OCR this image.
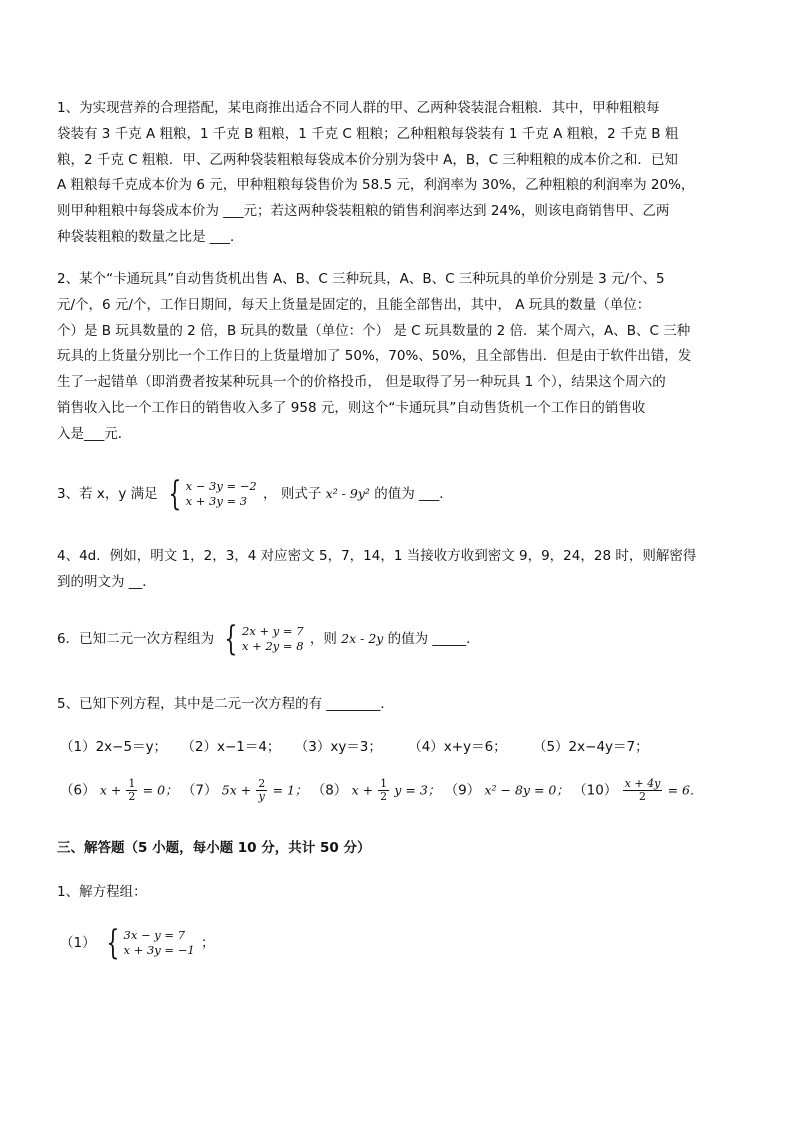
1、为实现营养的合理搭配，某电商推出适合不同人群的甲、乙两种袋装混合粗粮．其中，甲种粗粮每
袋装有 3 千克 A 粗粮，1 千克 B 粗粮，1 千克 C 粗粮；乙种粗粮每袋装有 1 千克 A 粗粮，2 千克 B 粗
粮，2 千克 C 粗粮．甲、乙两种袋装粗粮每袋成本价分别为袋中 A，B，C 三种粗粮的成本价之和．已知
A 粗粮每千克成本价为 6 元，甲种粗粮每袋售价为 58.5 元，利润率为 30%，乙种粗粮的利润率为 20%，
则甲种粗粮中每袋成本价为 ___元；若这两种袋装粗粮的销售利润率达到 24%，则该电商销售甲、乙两
种袋装粗粮的数量之比是 ___．
2、某个“卡通玩具”自动售货机出售 A、B、C 三种玩具，A、B、C 三种玩具的单价分别是 3 元/个、5
元/个，6 元/个，工作日期间，每天上货量是固定的，且能全部售出，其中， A 玩具的数量（单位：
个）是 B 玩具数量的 2 倍，B 玩具的数量（单位：个） 是 C 玩具数量的 2 倍．某个周六，A、B、C 三种
玩具的上货量分别比一个工作日的上货量增加了 50%，70%、50%，且全部售出．但是由于软件出错，发
生了一起错单（即消费者按某种玩具一个的价格投币， 但是取得了另一种玩具 1 个），结果这个周六的
销售收入比一个工作日的销售收入多了 958 元，则这个“卡通玩具”自动售货机一个工作日的销售收
入是___元．
3、若 x，y 满足 { x − 3y = −2
x + 3y = 3	， 则式子 x² - 9y² 的值为 ___．
4、4d．例如，明文 1，2，3，4 对应密文 5，7，14，1 当接收方收到密文 9，9，24，28 时，则解密得
到的明文为 __．
6．已知二元一次方程组为 { 2x + y = 7
x + 2y = 8 ，则 2x - 2y 的值为 _____．
5、已知下列方程，其中是二元一次方程的有 ________．
（1）2x−5＝y； （2）x−1＝4； （3）xy＝3； （4）x+y＝6； （5）2x−4y＝7；
（6） $x + \frac{1}{2} = 0$； （7） $5x + \frac{2}{y} = 1$； （8） $x + \frac{1}{2}$ y = 3； （9） x² − 8y = 0； $(10) \frac{x + 4y}{2} = 6$．
三、解答题（5 小题，每小题 10 分，共计 50 分）
1、解方程组：
（1） { 3x − y = 7
x + 3y = −1 ；
